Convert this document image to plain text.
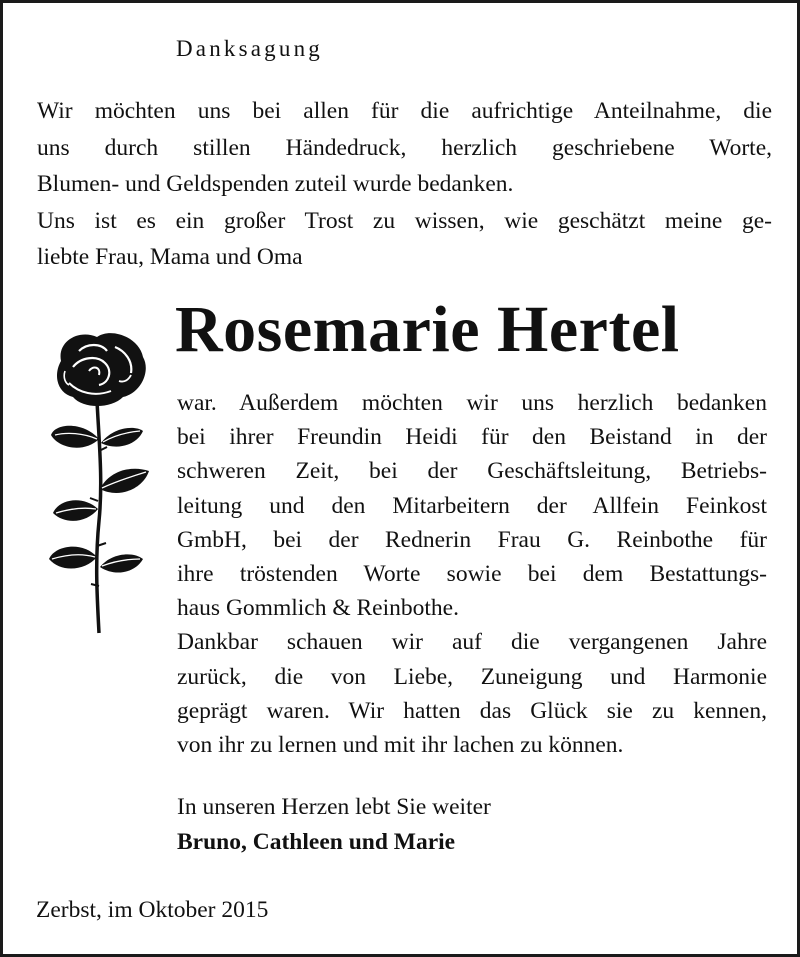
Danksagung
Wir möchten uns bei allen für die aufrichtige Anteilnahme, die
uns durch stillen Händedruck, herzlich geschriebene Worte,
Blumen- und Geldspenden zuteil wurde bedanken.
Uns ist es ein großer Trost zu wissen, wie geschätzt meine ge-
liebte Frau, Mama und Oma
Rosemarie Hertel
war. Außerdem möchten wir uns herzlich bedanken
bei ihrer Freundin Heidi für den Beistand in der
schweren Zeit, bei der Geschäftsleitung, Betriebs-
leitung und den Mitarbeitern der Allfein Feinkost
GmbH, bei der Rednerin Frau G. Reinbothe für
ihre tröstenden Worte sowie bei dem Bestattungs-
haus Gommlich & Reinbothe.
Dankbar schauen wir auf die vergangenen Jahre
zurück, die von Liebe, Zuneigung und Harmonie
geprägt waren. Wir hatten das Glück sie zu kennen,
von ihr zu lernen und mit ihr lachen zu können.
In unseren Herzen lebt Sie weiter
Bruno, Cathleen und Marie
Zerbst, im Oktober 2015
